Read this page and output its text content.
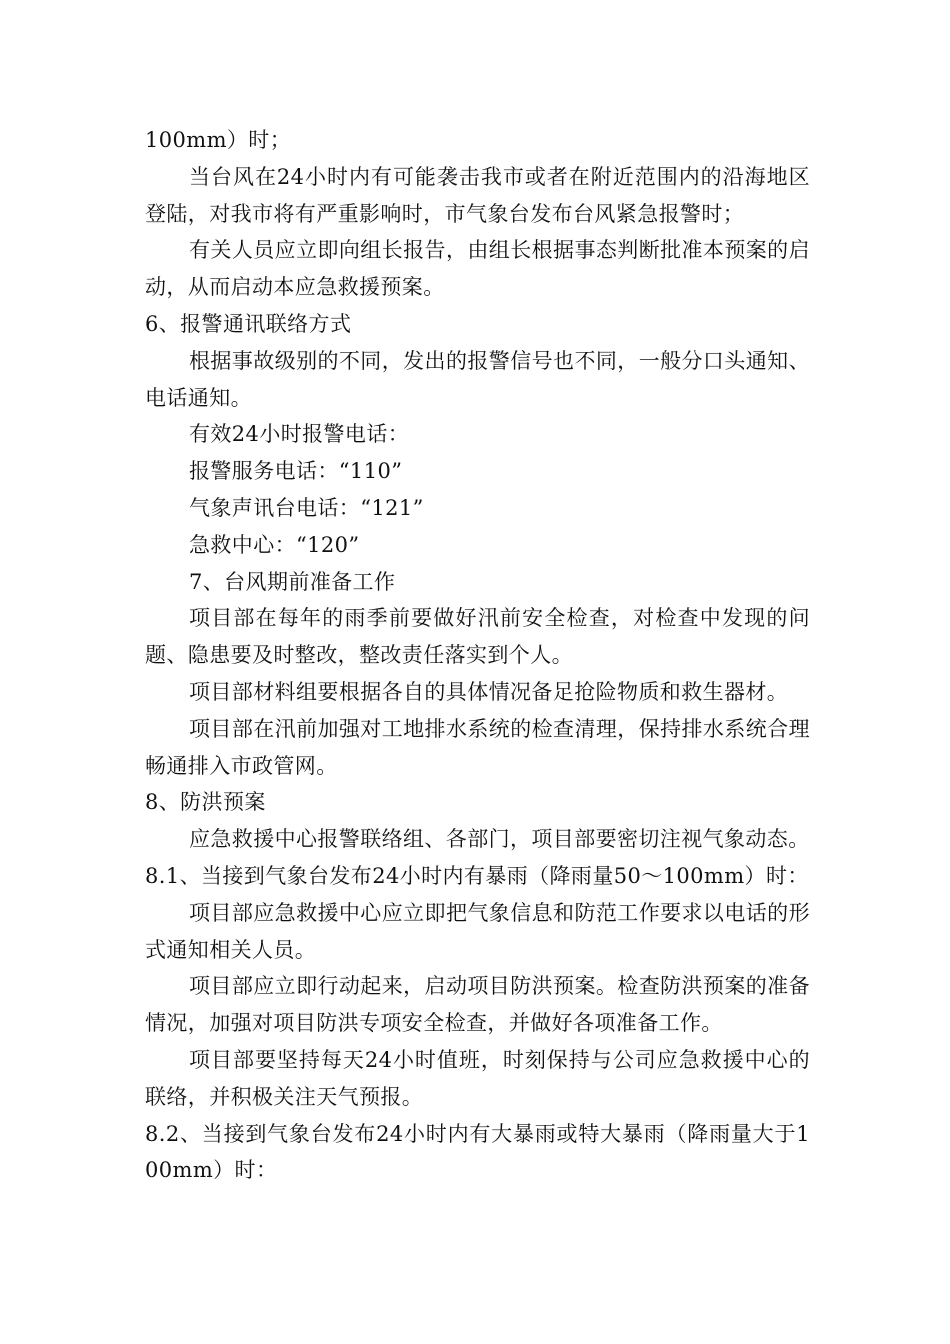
100mm）时；

当台风在24小时内有可能袭击我市或者在附近范围内的沿海地区登陆，对我市将有严重影响时，市气象台发布台风紧急报警时；

有关人员应立即向组长报告，由组长根据事态判断批准本预案的启动，从而启动本应急救援预案。

6、报警通讯联络方式

根据事故级别的不同，发出的报警信号也不同，一般分口头通知、电话通知。

有效24小时报警电话：

报警服务电话：“110”

气象声讯台电话：“121”

急救中心：“120”

7、台风期前准备工作

项目部在每年的雨季前要做好汛前安全检查，对检查中发现的问题、隐患要及时整改，整改责任落实到个人。

项目部材料组要根据各自的具体情况备足抢险物质和救生器材。

项目部在汛前加强对工地排水系统的检查清理，保持排水系统合理畅通排入市政管网。

8、防洪预案

应急救援中心报警联络组、各部门，项目部要密切注视气象动态。

8.1、当接到气象台发布24小时内有暴雨（降雨量50～100mm）时：

项目部应急救援中心应立即把气象信息和防范工作要求以电话的形式通知相关人员。

项目部应立即行动起来，启动项目防洪预案。检查防洪预案的准备情况，加强对项目防洪专项安全检查，并做好各项准备工作。

项目部要坚持每天24小时值班，时刻保持与公司应急救援中心的联络，并积极关注天气预报。

8.2、当接到气象台发布24小时内有大暴雨或特大暴雨（降雨量大于100mm）时：
